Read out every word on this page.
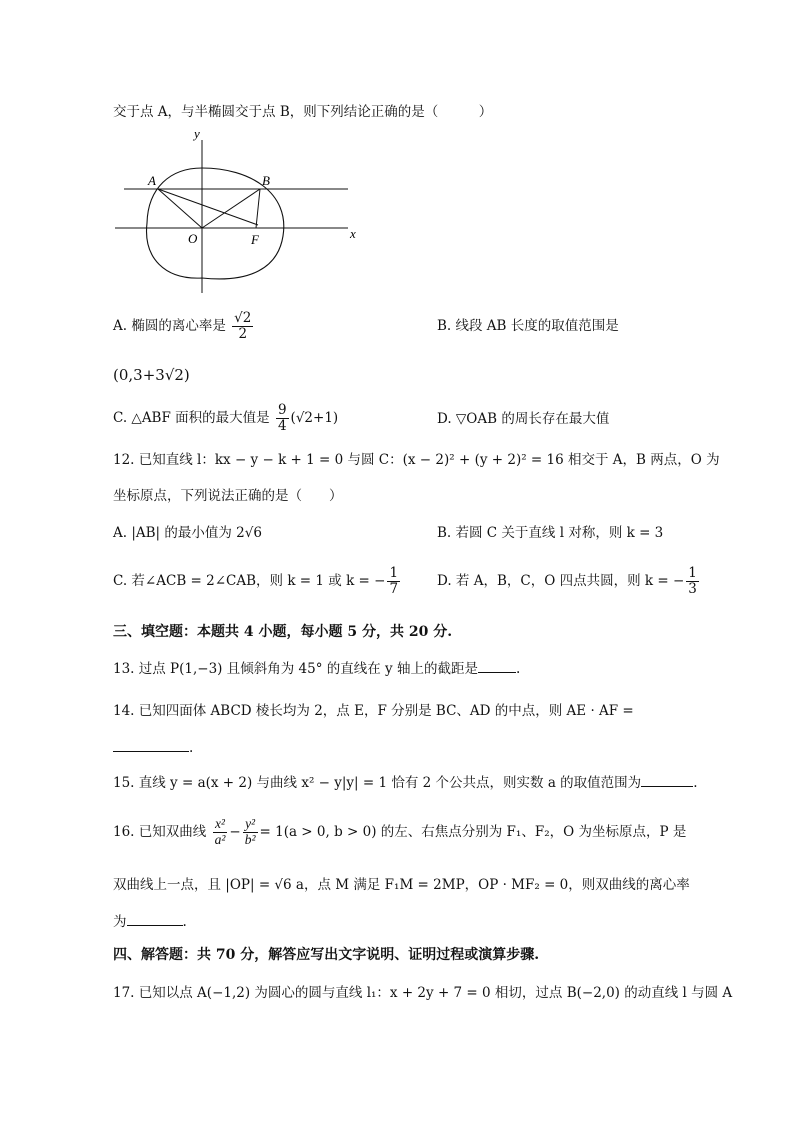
交于点 A，与半椭圆交于点 B，则下列结论正确的是（　　　）
y
x
A	B
O	F
A. 椭圆的离心率是 $\frac{√2}{2}$	B. 线段 AB 长度的取值范围是
(0,3+3√2)
C. △ABF 面积的最大值是 $\frac{9}{4} (√2+1)$	D. ▽OAB 的周长存在最大值
12. 已知直线 l：kx − y − k + 1 = 0 与圆 C：(x − 2)² + (y + 2)² = 16 相交于 A，B 两点，O 为
坐标原点，下列说法正确的是（　　）
A. |AB| 的最小值为 2√6	B. 若圆 C 关于直线 l 对称，则 k = 3
C. 若∠ACB = 2∠CAB，则 k = 1 或 k = − $\frac{1}{7}$	D. 若 A，B，C，O 四点共圆，则 k = − $\frac{1}{3}$
三、填空题：本题共 4 小题，每小题 5 分，共 20 分.
13. 过点 P(1,−3) 且倾斜角为 45° 的直线在 y 轴上的截距是	.
14. 已知四面体 ABCD 棱长均为 2，点 E，F 分别是 BC、AD 的中点，则 AE · AF =
.
15. 直线 y = a(x + 2) 与曲线 x² − y|y| = 1 恰有 2 个公共点，则实数 a 的取值范围为	.
16. 已知双曲线 $\frac{\text{x²}}{\text{a²}} - \frac{\text{y²}}{\text{b²}} = 1(a > 0$, b > 0) 的左、右焦点分别为 F₁、F₂，O 为坐标原点，P 是
双曲线上一点，且 |OP| = √6 a，点 M 满足 F₁M = 2MP，OP · MF₂ = 0，则双曲线的离心率
为	.
四、解答题：共 70 分，解答应写出文字说明、证明过程或演算步骤.
17. 已知以点 A(−1,2) 为圆心的圆与直线 l₁：x + 2y + 7 = 0 相切，过点 B(−2,0) 的动直线 l 与圆 A
